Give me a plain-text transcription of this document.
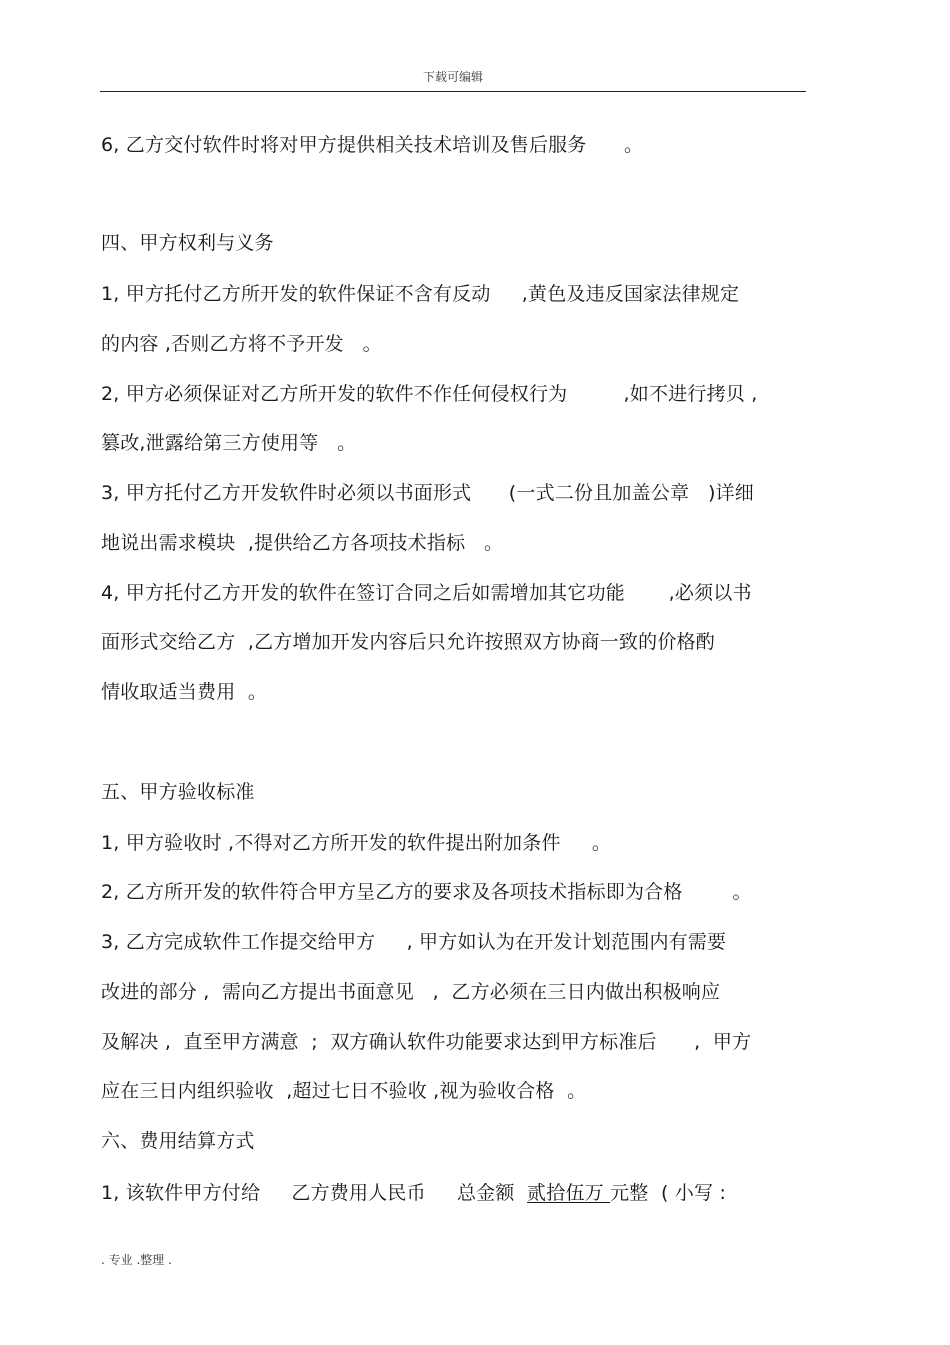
下载可编辑
6, 乙方交付软件时将对甲方提供相关技术培训及售后服务      。
四、甲方权利与义务
1, 甲方托付乙方所开发的软件保证不含有反动     ,黄色及违反国家法律规定
的内容 ,否则乙方将不予开发   。
2, 甲方必须保证对乙方所开发的软件不作任何侵权行为         ,如不进行拷贝 ,
篡改,泄露给第三方使用等   。
3, 甲方托付乙方开发软件时必须以书面形式      (一式二份且加盖公章   )详细
地说出需求模块  ,提供给乙方各项技术指标   。
4, 甲方托付乙方开发的软件在签订合同之后如需增加其它功能       ,必须以书
面形式交给乙方  ,乙方增加开发内容后只允许按照双方协商一致的价格酌
情收取适当费用  。
五、甲方验收标准
1, 甲方验收时 ,不得对乙方所开发的软件提出附加条件     。
2, 乙方所开发的软件符合甲方呈乙方的要求及各项技术指标即为合格        。
3, 乙方完成软件工作提交给甲方     , 甲方如认为在开发计划范围内有需要
改进的部分 ,  需向乙方提出书面意见   ,  乙方必须在三日内做出积极响应
及解决 ,  直至甲方满意  ;  双方确认软件功能要求达到甲方标准后      ,  甲方
应在三日内组织验收  ,超过七日不验收 ,视为验收合格  。
六、费用结算方式
1, 该软件甲方付给     乙方费用人民币     总金额  贰拾伍万 元整  ( 小写 :
. 专业 .整理 .
